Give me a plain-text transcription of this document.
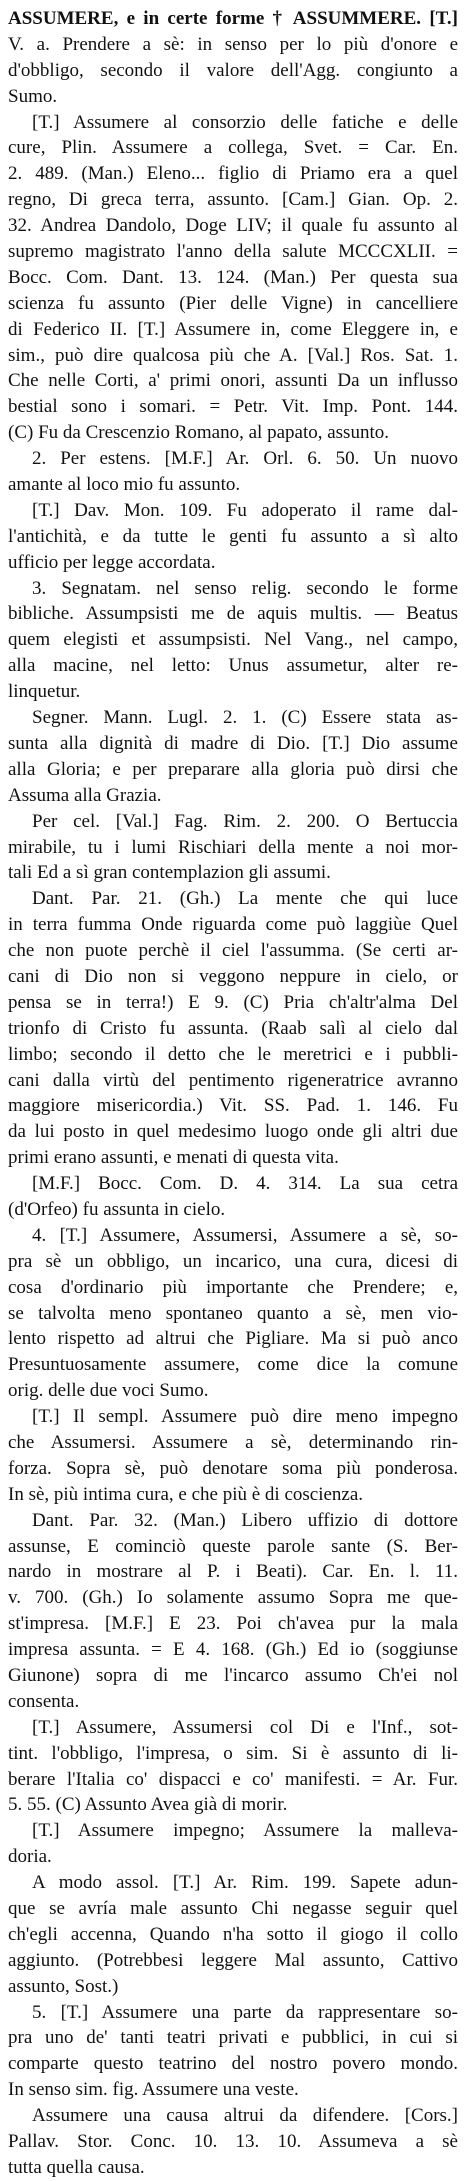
ASSUMERE, e in certe forme † ASSUMMERE. [T.]
V. a. Prendere a sè: in senso per lo più d'onore e
d'obbligo, secondo il valore dell'Agg. congiunto a
Sumo.
[T.] Assumere al consorzio delle fatiche e delle
cure, Plin. Assumere a collega, Svet. = Car. En.
2. 489. (Man.) Eleno... figlio di Priamo era a quel
regno, Di greca terra, assunto. [Cam.] Gian. Op. 2.
32. Andrea Dandolo, Doge LIV; il quale fu assunto al
supremo magistrato l'anno della salute MCCCXLII. =
Bocc. Com. Dant. 13. 124. (Man.) Per questa sua
scienza fu assunto (Pier delle Vigne) in cancelliere
di Federico II. [T.] Assumere in, come Eleggere in, e
sim., può dire qualcosa più che A. [Val.] Ros. Sat. 1.
Che nelle Corti, a' primi onori, assunti Da un influsso
bestial sono i somari. = Petr. Vit. Imp. Pont. 144.
(C) Fu da Crescenzio Romano, al papato, assunto.
2. Per estens. [M.F.] Ar. Orl. 6. 50. Un nuovo
amante al loco mio fu assunto.
[T.] Dav. Mon. 109. Fu adoperato il rame dal-
l'antichità, e da tutte le genti fu assunto a sì alto
ufficio per legge accordata.
3. Segnatam. nel senso relig. secondo le forme
bibliche. Assumpsisti me de aquis multis. — Beatus
quem elegisti et assumpsisti. Nel Vang., nel campo,
alla macine, nel letto: Unus assumetur, alter re-
linquetur.
Segner. Mann. Lugl. 2. 1. (C) Essere stata as-
sunta alla dignità di madre di Dio. [T.] Dio assume
alla Gloria; e per preparare alla gloria può dirsi che
Assuma alla Grazia.
Per cel. [Val.] Fag. Rim. 2. 200. O Bertuccia
mirabile, tu i lumi Rischiari della mente a noi mor-
tali Ed a sì gran contemplazion gli assumi.
Dant. Par. 21. (Gh.) La mente che qui luce
in terra fumma Onde riguarda come può laggiùe Quel
che non puote perchè il ciel l'assumma. (Se certi ar-
cani di Dio non si veggono neppure in cielo, or
pensa se in terra!) E 9. (C) Pria ch'altr'alma Del
trionfo di Cristo fu assunta. (Raab salì al cielo dal
limbo; secondo il detto che le meretrici e i pubbli-
cani dalla virtù del pentimento rigeneratrice avranno
maggiore misericordia.) Vit. SS. Pad. 1. 146. Fu
da lui posto in quel medesimo luogo onde gli altri due
primi erano assunti, e menati di questa vita.
[M.F.] Bocc. Com. D. 4. 314. La sua cetra
(d'Orfeo) fu assunta in cielo.
4. [T.] Assumere, Assumersi, Assumere a sè, so-
pra sè un obbligo, un incarico, una cura, dicesi di
cosa d'ordinario più importante che Prendere; e,
se talvolta meno spontaneo quanto a sè, men vio-
lento rispetto ad altrui che Pigliare. Ma si può anco
Presuntuosamente assumere, come dice la comune
orig. delle due voci Sumo.
[T.] Il sempl. Assumere può dire meno impegno
che Assumersi. Assumere a sè, determinando rin-
forza. Sopra sè, può denotare soma più ponderosa.
In sè, più intima cura, e che più è di coscienza.
Dant. Par. 32. (Man.) Libero uffizio di dottore
assunse, E cominciò queste parole sante (S. Ber-
nardo in mostrare al P. i Beati). Car. En. l. 11.
v. 700. (Gh.) Io solamente assumo Sopra me que-
st'impresa. [M.F.] E 23. Poi ch'avea pur la mala
impresa assunta. = E 4. 168. (Gh.) Ed io (soggiunse
Giunone) sopra di me l'incarco assumo Ch'ei nol
consenta.
[T.] Assumere, Assumersi col Di e l'Inf., sot-
tint. l'obbligo, l'impresa, o sim. Si è assunto di li-
berare l'Italia co' dispacci e co' manifesti. = Ar. Fur.
5. 55. (C) Assunto Avea già di morir.
[T.] Assumere impegno; Assumere la malleva-
doria.
A modo assol. [T.] Ar. Rim. 199. Sapete adun-
que se avría male assunto Chi negasse seguir quel
ch'egli accenna, Quando n'ha sotto il giogo il collo
aggiunto. (Potrebbesi leggere Mal assunto, Cattivo
assunto, Sost.)
5. [T.] Assumere una parte da rappresentare so-
pra uno de' tanti teatri privati e pubblici, in cui si
comparte questo teatrino del nostro povero mondo.
In senso sim. fig. Assumere una veste.
Assumere una causa altrui da difendere. [Cors.]
Pallav. Stor. Conc. 10. 13. 10. Assumeva a sè
tutta quella causa.
